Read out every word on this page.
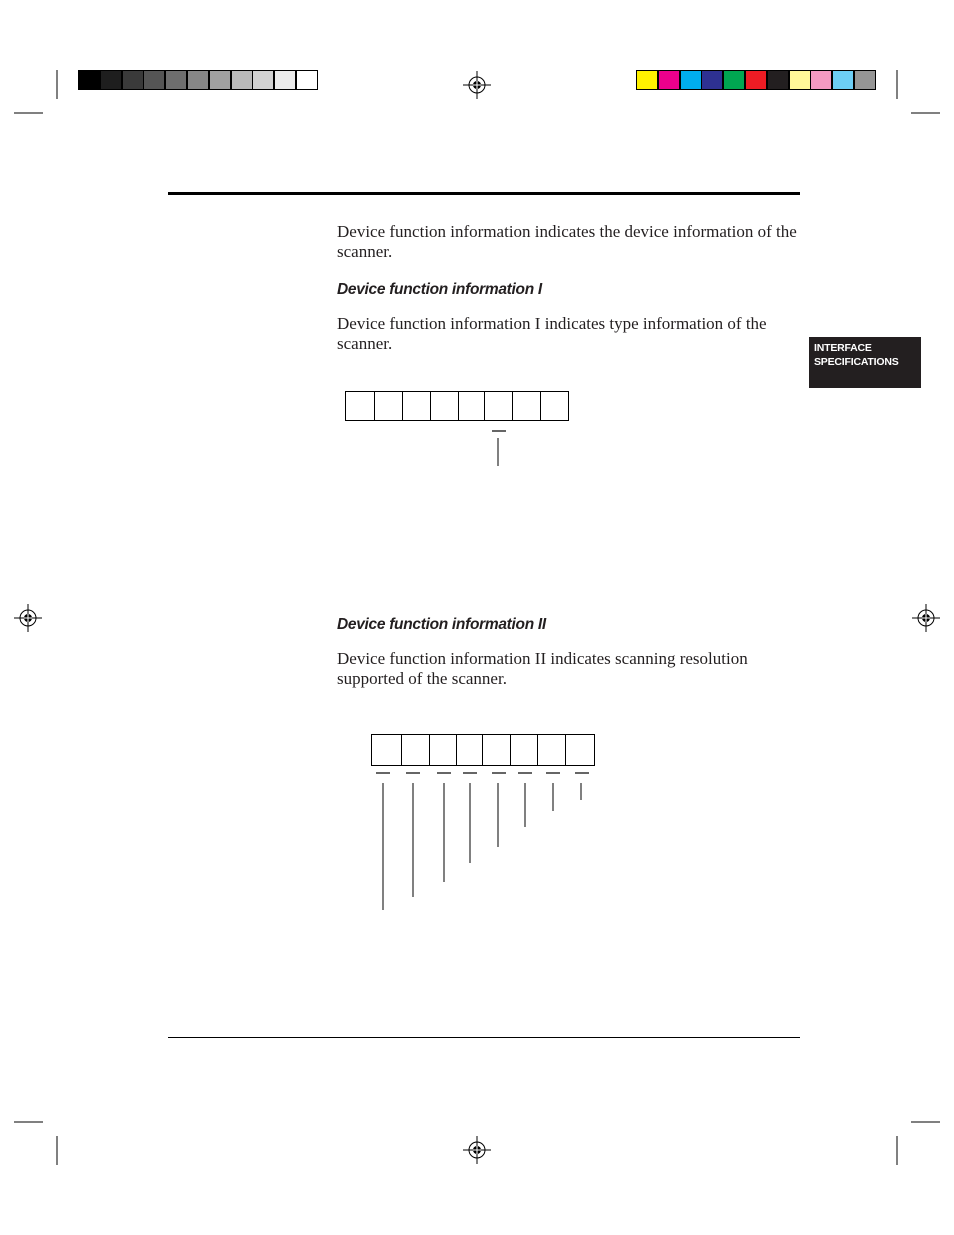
Device function information indicates the device information of the scanner.
Device function information I
Device function information I indicates type information of the scanner.
Device function information II
Device function information II indicates scanning resolution supported of the scanner.
INTERFACE
SPECIFICATIONS
